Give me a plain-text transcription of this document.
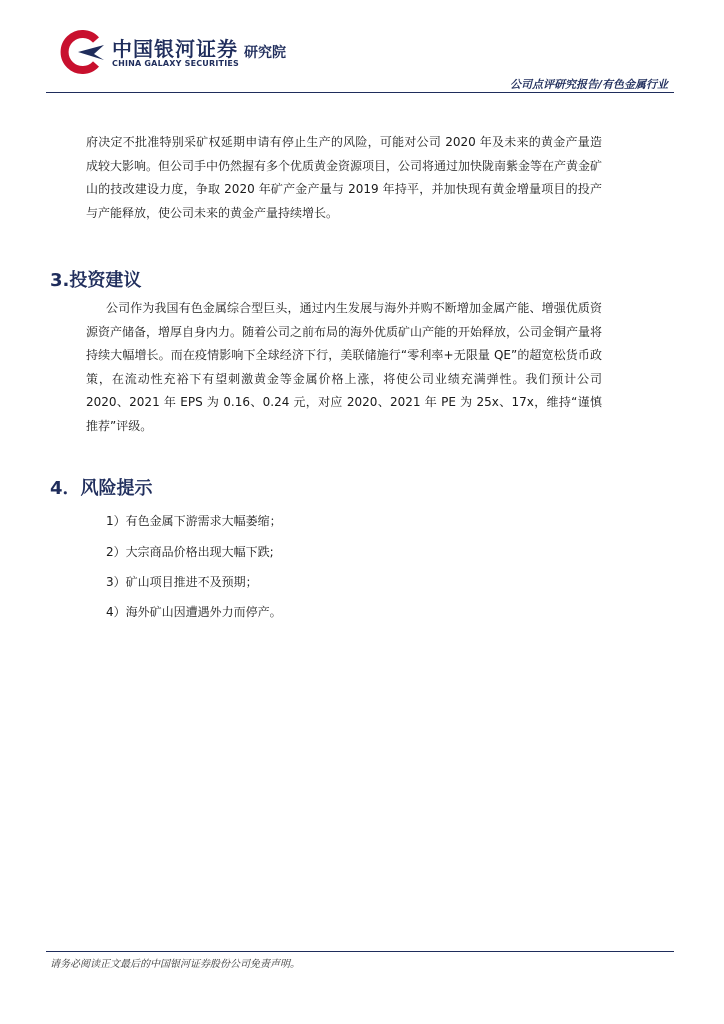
中国银河证券 研究院
CHINA GALAXY SECURITIES
公司点评研究报告/有色金属行业

府决定不批准特别采矿权延期申请有停止生产的风险，可能对公司 2020 年及未来的黄金产量造成较大影响。但公司手中仍然握有多个优质黄金资源项目，公司将通过加快陇南紫金等在产黄金矿山的技改建设力度，争取 2020 年矿产金产量与 2019 年持平，并加快现有黄金增量项目的投产与产能释放，使公司未来的黄金产量持续增长。

3.投资建议

公司作为我国有色金属综合型巨头，通过内生发展与海外并购不断增加金属产能、增强优质资源资产储备，增厚自身内力。随着公司之前布局的海外优质矿山产能的开始释放，公司金铜产量将持续大幅增长。而在疫情影响下全球经济下行，美联储施行“零利率+无限量 QE”的超宽松货币政策，在流动性充裕下有望刺激黄金等金属价格上涨，将使公司业绩充满弹性。我们预计公司 2020、2021 年 EPS 为 0.16、0.24 元，对应 2020、2021 年 PE 为 25x、17x，维持“谨慎推荐”评级。

4．风险提示

1）有色金属下游需求大幅萎缩；

2）大宗商品价格出现大幅下跌;

3）矿山项目推进不及预期；

4）海外矿山因遭遇外力而停产。

请务必阅读正文最后的中国银河证券股份公司免责声明。
